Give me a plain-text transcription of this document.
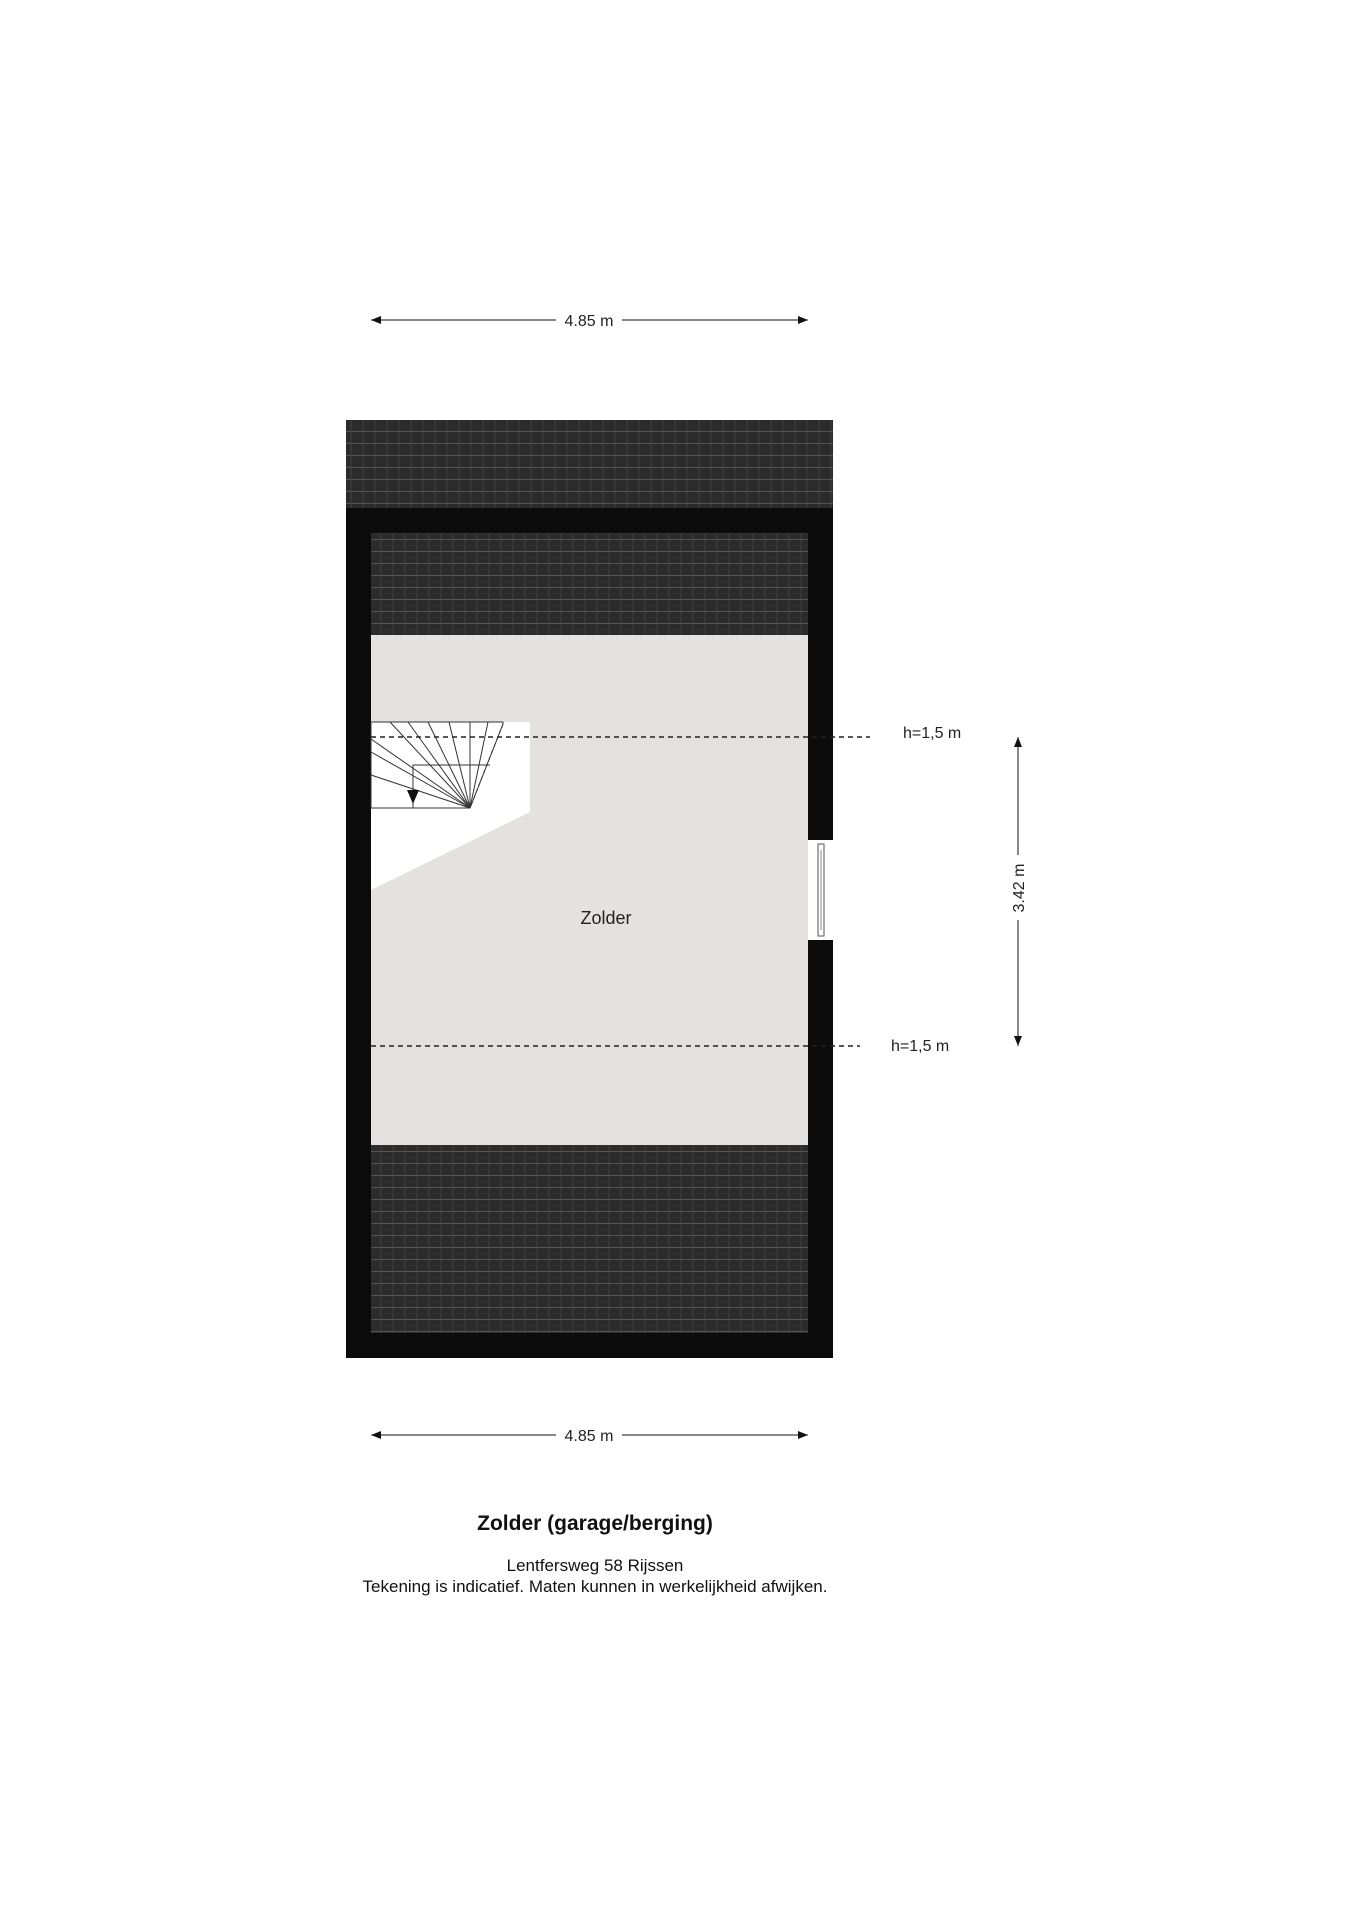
4.85 m
4.85 m
3.42 m
h=1,5 m
h=1,5 m
Zolder
Zolder (garage/berging)
Lentfersweg 58 Rijssen
Tekening is indicatief. Maten kunnen in werkelijkheid afwijken.
